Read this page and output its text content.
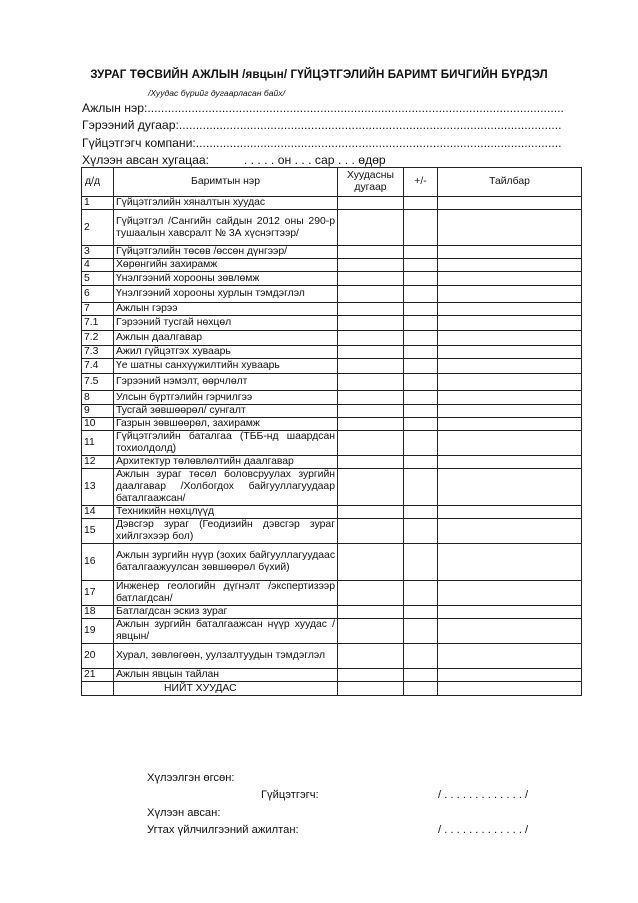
ЗУРАГ ТӨСВИЙН АЖЛЫН /явцын/ ГҮЙЦЭТГЭЛИЙН БАРИМТ БИЧГИЙН БҮРДЭЛ
/Хуудас бүрийг дугаарласан байх/
Ажлын нэр:...........................................................................................................................
Гэрээний дугаар:.................................................................................................................
Гүйцэтгэгч компани:............................................................................................................
Хүлээн авсан хугацаа:	. . . . . он . . . сар . . . өдөр
д/д	Баримтын нэр	Хуудасны дугаар	+/-	Тайлбар
1	Гүйцэтгэлийн хяналтын хуудас			
2	Гүйцэтгэл /Сангийн сайдын 2012 оны 290-р тушаалын хавсралт № 3А хүснэгтээр/			
3	Гүйцэтгэлийн төсөв /өссөн дүнгээр/			
4	Хөрөнгийн захирамж			
5	Үнэлгээний хорооны зөвлөмж			
6	Үнэлгээний хорооны хурлын тэмдэглэл			
7	Ажлын гэрээ			
7.1	Гэрээний тусгай нөхцөл			
7.2	Ажлын даалгавар			
7.3	Ажил гүйцэтгэх хуваарь			
7.4	Үе шатны санхүүжилтийн хуваарь			
7.5	Гэрээний нэмэлт, өөрчлөлт			
8	Улсын бүртгэлийн гэрчилгээ			
9	Тусгай зөвшөөрөл/ сунгалт			
10	Газрын зөвшөөрөл, захирамж			
11	Гүйцэтгэлийн баталгаа (ТББ-нд шаардсан тохиолдолд)			
12	Архитектур төлөвлөлтийн даалгавар			
13	Ажлын зураг төсөл боловсруулах зургийн даалгавар /Холбогдох байгууллагуудаар баталгаажсан/			
14	Техникийн нөхцлүүд			
15	Дэвсгэр зураг (Геодизийн дэвсгэр зураг хийлгэхээр бол)			
16	Ажлын зургийн нүүр (зохих байгууллагуудаас баталгаажуулсан зөвшөөрөл бүхий)			
17	Инженер геологийн дүгнэлт /экспертизээр батлагдсан/			
18	Батлагдсан эскиз зураг			
19	Ажлын зургийн баталгаажсан нүүр хуудас /явцын/			
20	Хурал, зөвлөгөөн, уулзалтуудын тэмдэглэл			
21	Ажлын явцын тайлан			
	НИЙТ ХУУДАС			
Хүлээлгэн өгсөн:
Гүйцэтгэгч:	/ . . . . . . . . . . . . . /
Хүлээн авсан:
Угтах үйлчилгээний ажилтан:	/ . . . . . . . . . . . . . /
